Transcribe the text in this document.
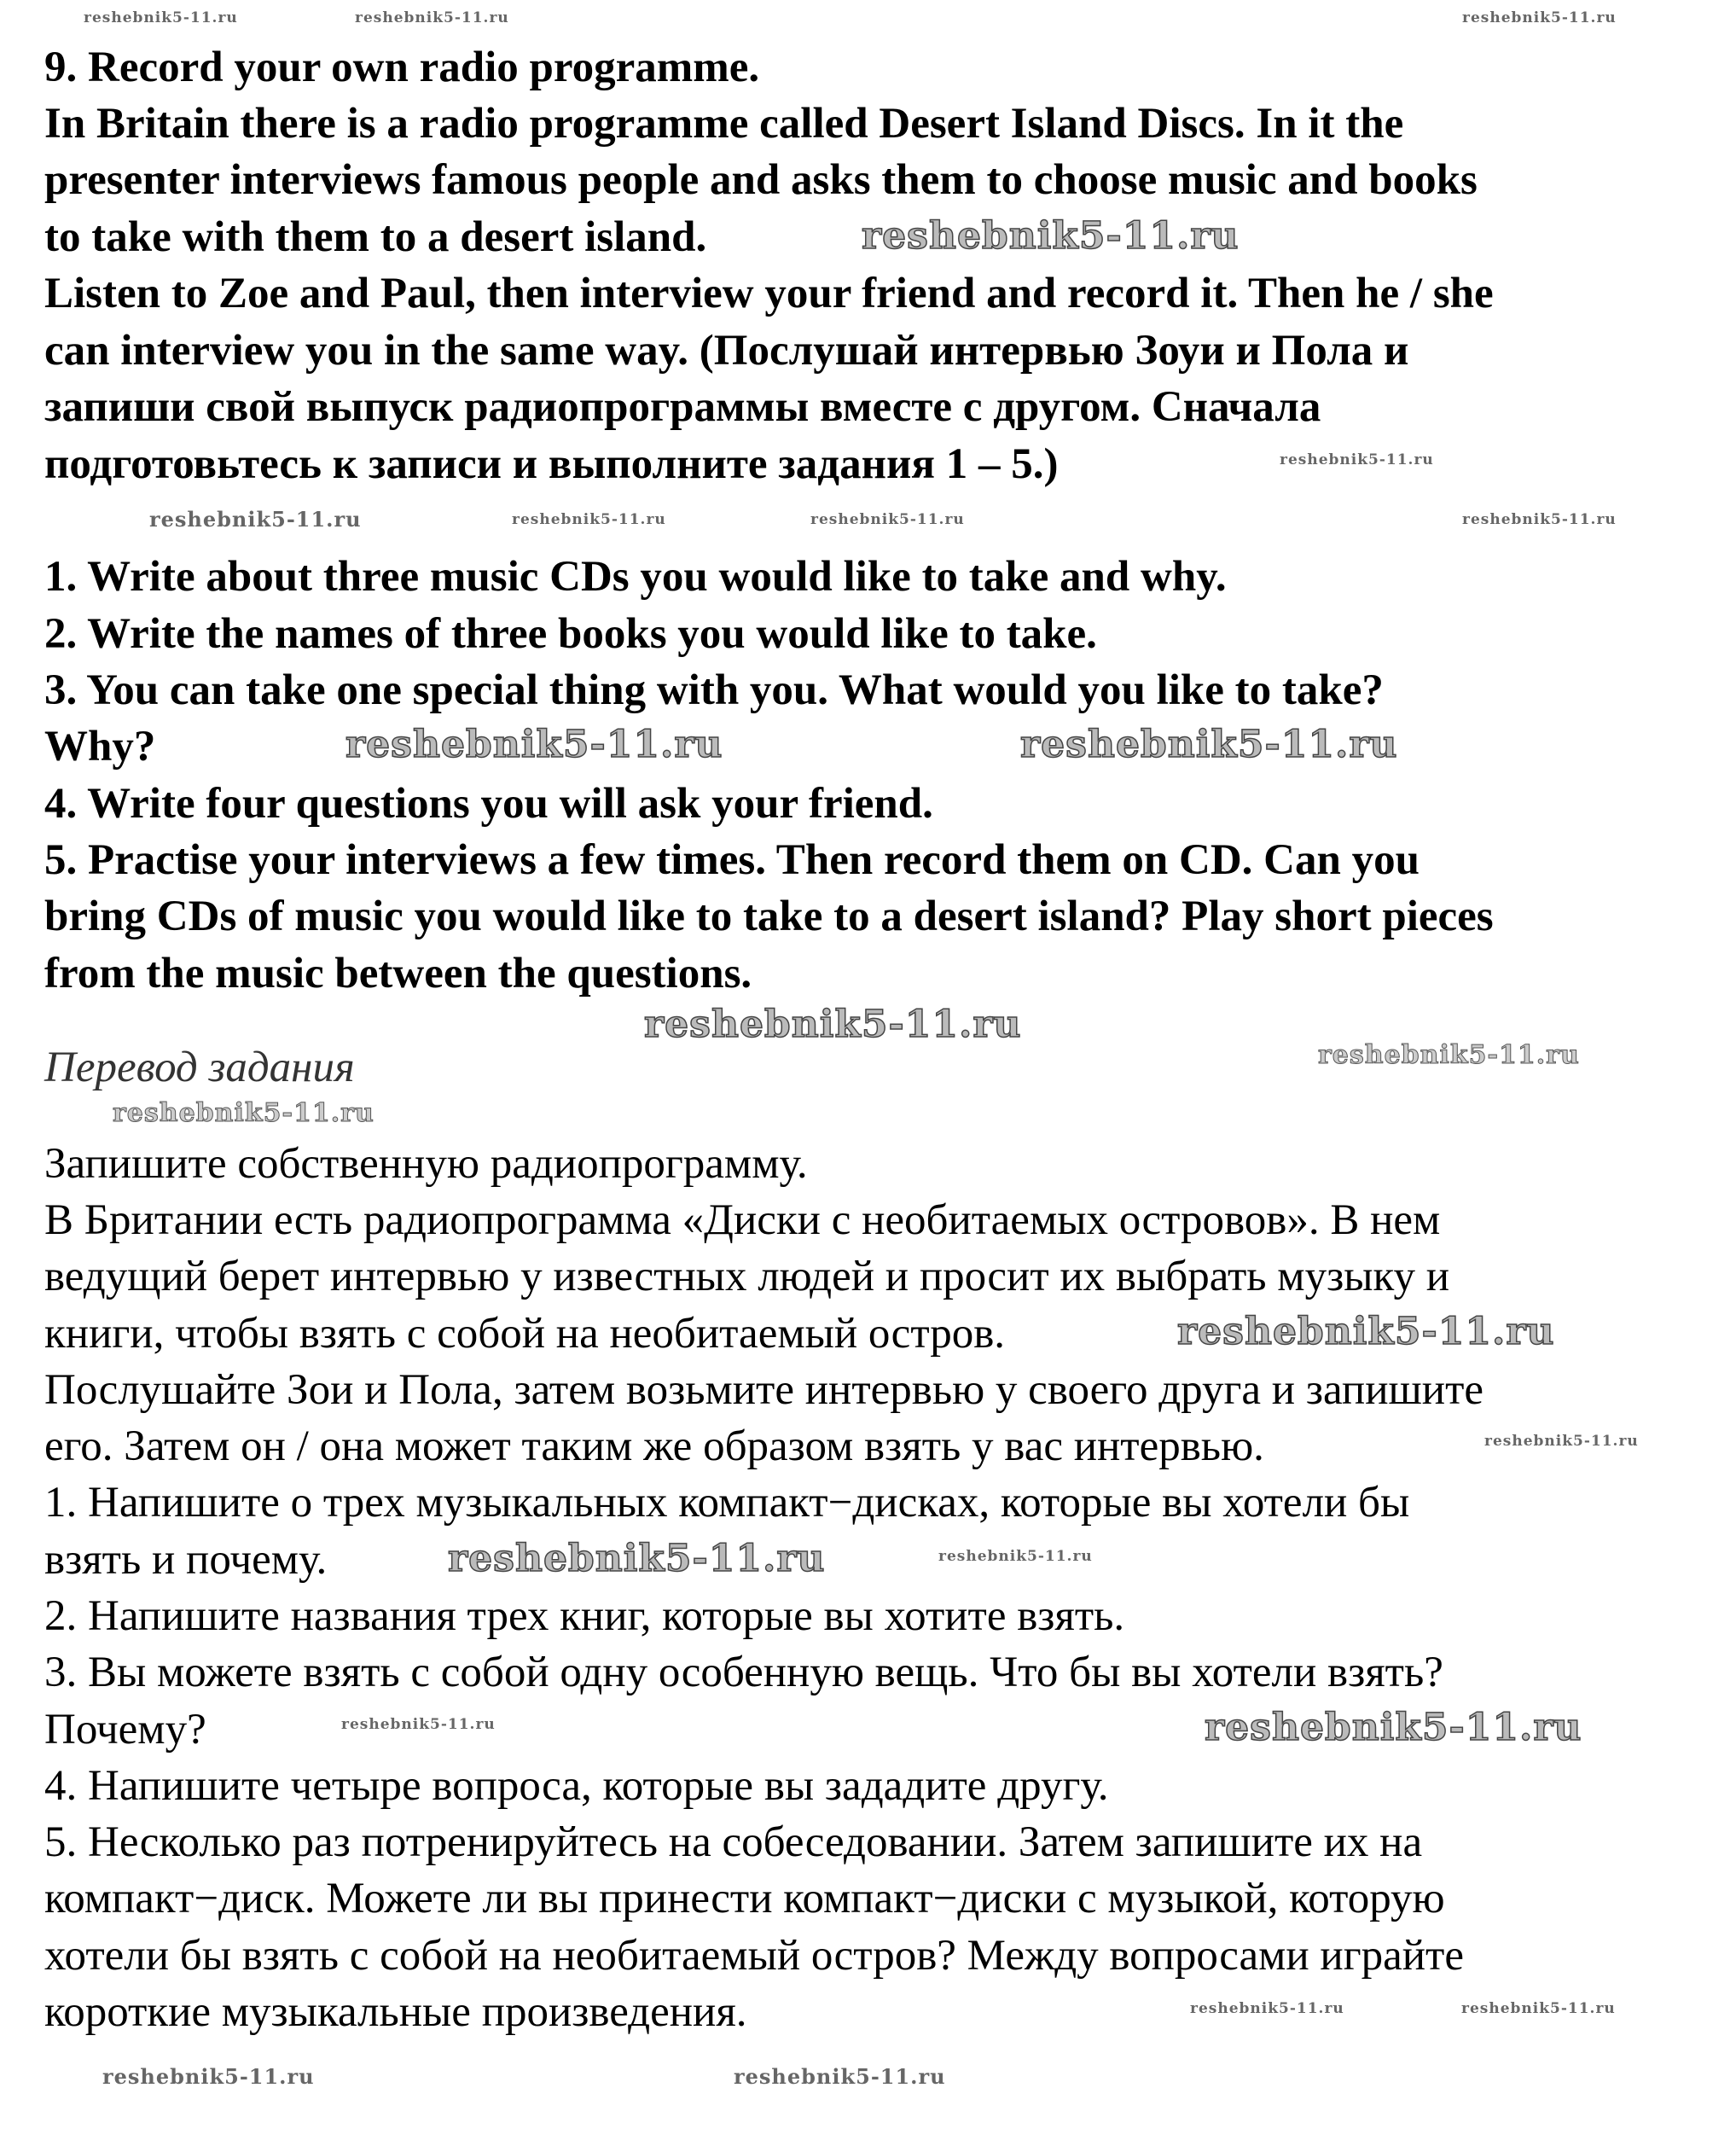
9. Record your own radio programme.
In Britain there is a radio programme called Desert Island Discs. In it the
presenter interviews famous people and asks them to choose music and books
to take with them to a desert island.
Listen to Zoe and Paul, then interview your friend and record it. Then he / she
can interview you in the same way. (Послушай интервью Зоуи и Пола и
запиши свой выпуск радиопрограммы вместе с другом. Сначала
подготовьтесь к записи и выполните задания 1 – 5.)
1. Write about three music CDs you would like to take and why.
2. Write the names of three books you would like to take.
3. You can take one special thing with you. What would you like to take?
Why?
4. Write four questions you will ask your friend.
5. Practise your interviews a few times. Then record them on CD. Can you
bring CDs of music you would like to take to a desert island? Play short pieces
from the music between the questions.
Перевод задания
Запишите собственную радиопрограмму.
В Британии есть радиопрограмма «Диски с необитаемых островов». В нем
ведущий берет интервью у известных людей и просит их выбрать музыку и
книги, чтобы взять с собой на необитаемый остров.
Послушайте Зои и Пола, затем возьмите интервью у своего друга и запишите
его. Затем он / она может таким же образом взять у вас интервью.
1. Напишите о трех музыкальных компакт−дисках, которые вы хотели бы
взять и почему.
2. Напишите названия трех книг, которые вы хотите взять.
3. Вы можете взять с собой одну особенную вещь. Что бы вы хотели взять?
Почему?
4. Напишите четыре вопроса, которые вы зададите другу.
5. Несколько раз потренируйтесь на собеседовании. Затем запишите их на
компакт−диск. Можете ли вы принести компакт−диски с музыкой, которую
хотели бы взять с собой на необитаемый остров? Между вопросами играйте
короткие музыкальные произведения.
reshebnik5-11.ru
reshebnik5-11.ru	reshebnik5-11.ru
reshebnik5-11.ru
reshebnik5-11.ru
reshebnik5-11.ru
reshebnik5-11.ru
reshebnik5-11.ru
reshebnik5-11.ru
reshebnik5-11.ru
reshebnik5-11.ru	reshebnik5-11.ru	reshebnik5-11.ru
reshebnik5-11.ru	reshebnik5-11.ru	reshebnik5-11.ru
reshebnik5-11.ru
reshebnik5-11.ru
reshebnik5-11.ru
reshebnik5-11.ru
reshebnik5-11.ru	reshebnik5-11.ru
reshebnik5-11.ru	reshebnik5-11.ru
